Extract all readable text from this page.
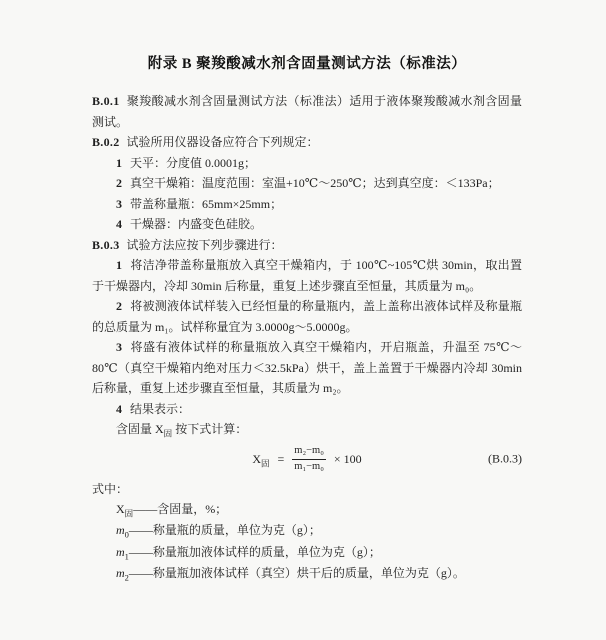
附录 B 聚羧酸减水剂含固量测试方法（标准法）

B.0.1 聚羧酸减水剂含固量测试方法（标准法）适用于液体聚羧酸减水剂含固量测试。

B.0.2 试验所用仪器设备应符合下列规定：

1 天平：分度值 0.0001g；

2 真空干燥箱：温度范围：室温+10℃～250℃；达到真空度：＜133Pa；

3 带盖称量瓶：65mm×25mm；

4 干燥器：内盛变色硅胶。

B.0.3 试验方法应按下列步骤进行：

1 将洁净带盖称量瓶放入真空干燥箱内，于 100℃~105℃烘 30min，取出置于干燥器内，冷却 30min 后称量，重复上述步骤直至恒量，其质量为 m₀。

2 将被测液体试样装入已经恒量的称量瓶内，盖上盖称出液体试样及称量瓶的总质量为 m₁。试样称量宜为 3.0000g～5.0000g。

3 将盛有液体试样的称量瓶放入真空干燥箱内，开启瓶盖，升温至 75℃～80℃（真空干燥箱内绝对压力＜32.5kPa）烘干，盖上盖置于干燥器内冷却 30min 后称量，重复上述步骤直至恒量，其质量为 m₂。

4 结果表示：

含固量 $X_固$ 按下式计算：

$X_固 = \frac{\text{m₂−m₀}}{\text{m₁−m₀}} \times 100$	(B.0.3)

式中：

$X_固——$含固量，%；

$m_0——$称量瓶的质量，单位为克（g）；

$m_1——$称量瓶加液体试样的质量，单位为克（g）；

$m_2——$称量瓶加液体试样（真空）烘干后的质量，单位为克（g）。
